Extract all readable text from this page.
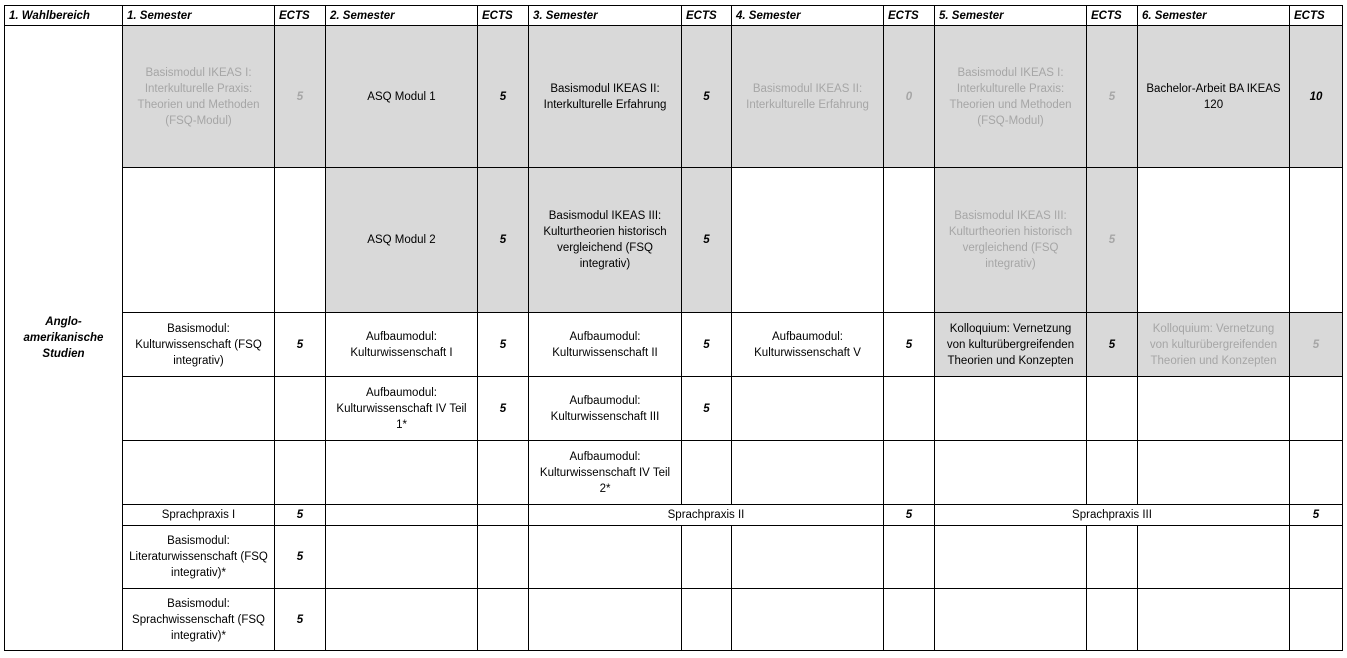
1. Wahlbereich	1. Semester	ECTS	2. Semester	ECTS	3. Semester	ECTS	4. Semester	ECTS	5. Semester	ECTS	6. Semester	ECTS
Anglo-amerikanische Studien	Basismodul IKEAS I: Interkulturelle Praxis: Theorien und Methoden (FSQ-Modul)	5	ASQ Modul 1	5	Basismodul IKEAS II: Interkulturelle Erfahrung	5	Basismodul IKEAS II: Interkulturelle Erfahrung	0	Basismodul IKEAS I: Interkulturelle Praxis: Theorien und Methoden (FSQ-Modul)	5	Bachelor-Arbeit BA IKEAS 120	10
			ASQ Modul 2	5	Basismodul IKEAS III: Kulturtheorien historisch vergleichend (FSQ integrativ)	5			Basismodul IKEAS III: Kulturtheorien historisch vergleichend (FSQ integrativ)	5		
	Basismodul: Kulturwissenschaft (FSQ integrativ)	5	Aufbaumodul: Kulturwissenschaft I	5	Aufbaumodul: Kulturwissenschaft II	5	Aufbaumodul: Kulturwissenschaft V	5	Kolloquium: Vernetzung von kulturübergreifenden Theorien und Konzepten	5	Kolloquium: Vernetzung von kulturübergreifenden Theorien und Konzepten	5
			Aufbaumodul: Kulturwissenschaft IV Teil 1*	5	Aufbaumodul: Kulturwissenschaft III	5						
					Aufbaumodul: Kulturwissenschaft IV Teil 2*							
	Sprachpraxis I	5			Sprachpraxis II			5	Sprachpraxis III			5
	Basismodul: Literaturwissenschaft (FSQ integrativ)*	5										
	Basismodul: Sprachwissenschaft (FSQ integrativ)*	5										
